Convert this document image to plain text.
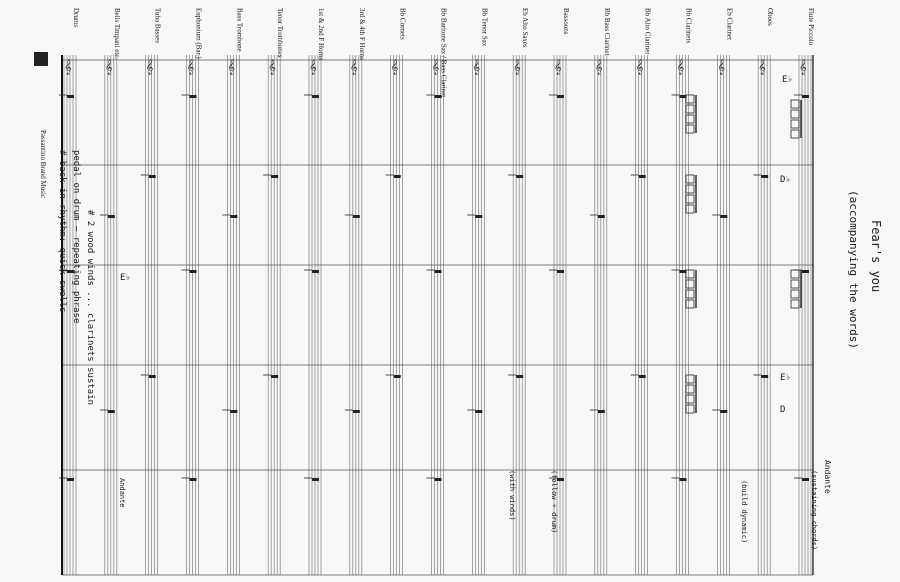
Passantino Brand Music
Fear's you
(accompanying the words)
𝄞	𝄞	𝄞	𝄞	𝄞	𝄞	𝄞	𝄞	𝄞	𝄞	𝄞	𝄞	𝄞	𝄞	𝄞	𝄞	𝄞	𝄞	𝄞
Drums	Bells Timpani etc.	Tuba Basses	Euphonium (Bar.)	Bass Trombone	Tenor Trombones	1st & 2nd F Horns	3rd & 4th F Horns	Bb Cornets	Bb Baritone Sax / Bass Clarinet	Bb Tenor Sax	Eb Alto Saxes	Bassoons	Bb Bass Clarinet	Bb Alto Clarinet	Bb Clarinets	Eb Clarinet	Oboes	Flute Piccolo
# back in rhythm: quick swells pedal on drum — repeating phrase # 2 wood winds ... clarinets sustain
Andante
(sustaining chords)
(build dynamic)
(follow + drum)
(with winds)
Andante
E♭
D♭
E♭
D
E♭
